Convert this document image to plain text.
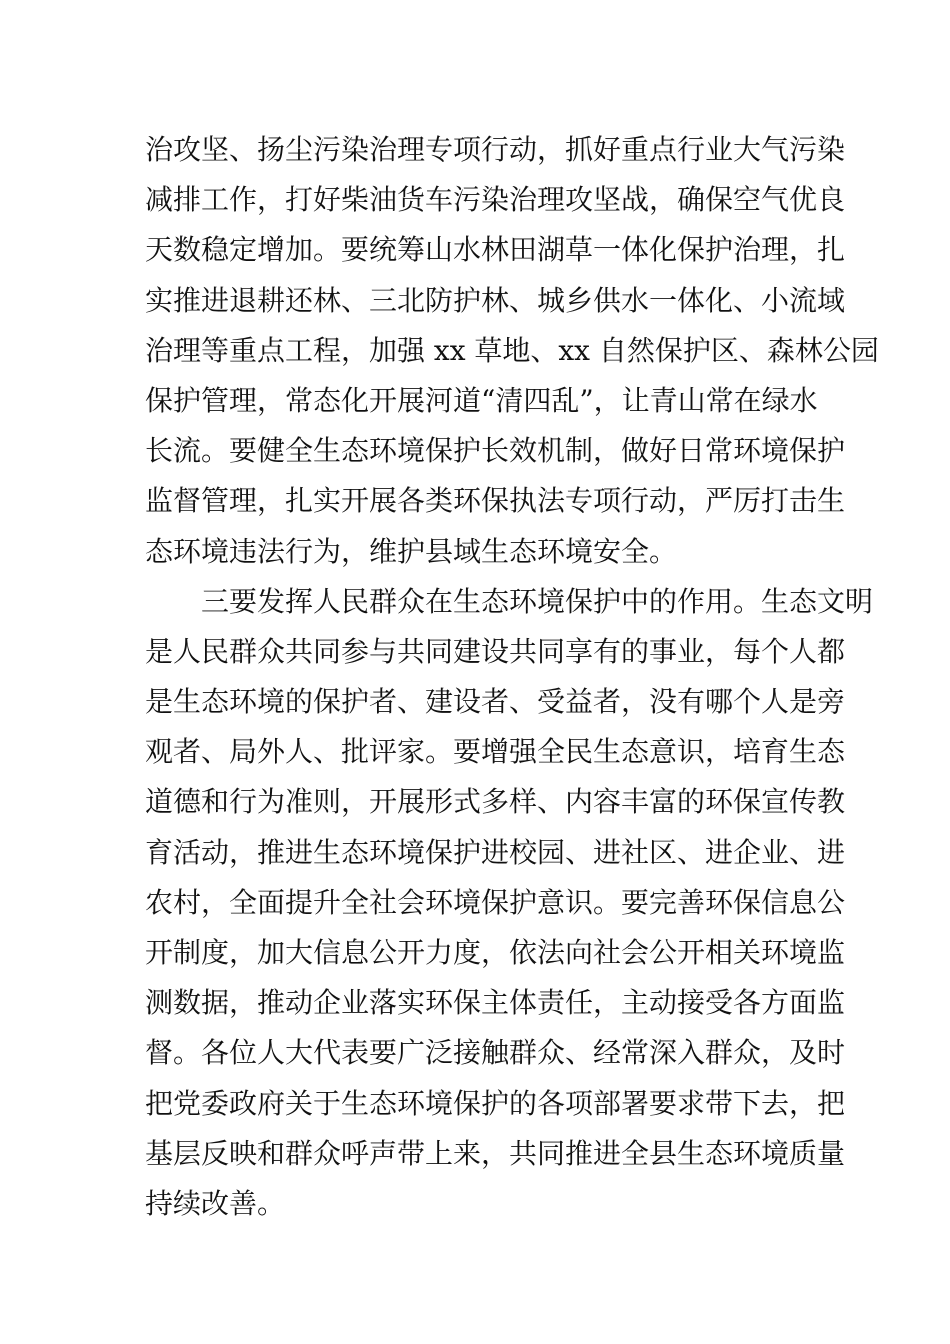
治攻坚、扬尘污染治理专项行动，抓好重点行业大气污染
减排工作，打好柴油货车污染治理攻坚战，确保空气优良
天数稳定增加。要统筹山水林田湖草一体化保护治理，扎
实推进退耕还林、三北防护林、城乡供水一体化、小流域
治理等重点工程，加强 xx 草地、xx 自然保护区、森林公园
保护管理，常态化开展河道“清四乱”，让青山常在绿水
长流。要健全生态环境保护长效机制，做好日常环境保护
监督管理，扎实开展各类环保执法专项行动，严厉打击生
态环境违法行为，维护县域生态环境安全。
　　三要发挥人民群众在生态环境保护中的作用。生态文明
是人民群众共同参与共同建设共同享有的事业，每个人都
是生态环境的保护者、建设者、受益者，没有哪个人是旁
观者、局外人、批评家。要增强全民生态意识，培育生态
道德和行为准则，开展形式多样、内容丰富的环保宣传教
育活动，推进生态环境保护进校园、进社区、进企业、进
农村，全面提升全社会环境保护意识。要完善环保信息公
开制度，加大信息公开力度，依法向社会公开相关环境监
测数据，推动企业落实环保主体责任，主动接受各方面监
督。各位人大代表要广泛接触群众、经常深入群众，及时
把党委政府关于生态环境保护的各项部署要求带下去，把
基层反映和群众呼声带上来，共同推进全县生态环境质量
持续改善。
